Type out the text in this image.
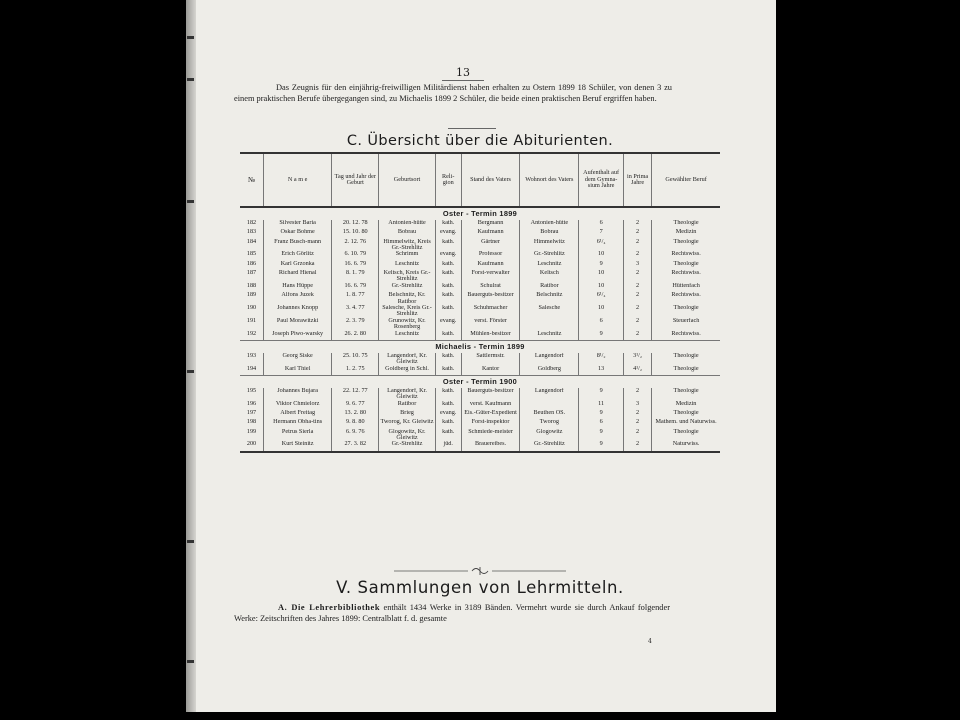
13

Das Zeugnis für den einjährig-freiwilligen Militärdienst haben erhalten zu Ostern 1899 18 Schüler, von denen 3 zu einem praktischen Berufe übergegangen sind, zu Michaelis 1899 2 Schüler, die beide einen praktischen Beruf ergriffen haben.

C. Übersicht über die Abiturienten.
№	N a m e	Tag und Jahr der Geburt	Geburtsort	Reli- gion	Stand des Vaters	Wohnort des Vaters	Aufenthalt auf dem Gymna- sium Jahre	in Prima Jahre	Gewählter Beruf
Oster - Termin 1899									
182	Silvester Baria	20. 12. 78	Antonien-hütte	kath.	Bergmann	Antonien-hütte	6	2	Theologie
183	Oskar Bohme	15. 10. 80	Bobrau	evang.	Kaufmann	Bobrau	7	2	Medizin
184	Franz Busch-mann	2. 12. 76	Himmelwitz, Kreis Gr.-Strehlitz	kath.	Gärtner	Himmelwitz	6¹/₄	2	Theologie
185	Erich Görlitz	6. 10. 79	Schrimm	evang.	Professor	Gr.-Strehlitz	10	2	Rechtswiss.
186	Karl Grzonka	16. 6. 79	Leschnitz	kath.	Kaufmann	Leschnitz	9	3	Theologie
187	Richard Hienal	8. 1. 79	Keltsch, Kreis Gr.-Strehlitz	kath.	Forst-verwalter	Keltsch	10	2	Rechtswiss.
188	Hans Hüppe	16. 6. 79	Gr.-Strehlitz	kath.	Schulrat	Ratibor	10	2	Hüttenfach
189	Alfons Juzek	1. 8. 77	Belschnitz, Kr. Ratibor	kath.	Bauerguts-besitzer	Belschnitz	6¹/₄	2	Rechtswiss.
190	Johannes Knopp	3. 4. 77	Salesche, Kreis Gr.-Strehlitz	kath.	Schuhmacher	Salesche	10	2	Theologie
191	Paul Morawitzki	2. 3. 79	Grunowitz, Kr. Rosenberg	evang.	verst. Förster		6	2	Steuerfach
192	Joseph Piwo-warsky	26. 2. 80	Leschnitz	kath.	Mühlen-besitzer	Leschnitz	9	2	Rechtswiss.
Michaelis - Termin 1899									
193	Georg Siske	25. 10. 75	Langendorf, Kr. Gleiwitz	kath.	Sattlermstr.	Langendorf	8¹/₂	3¹/₂	Theologie
194	Karl Thiel	1. 2. 75	Goldberg in Schl.	kath.	Kantor	Goldberg	13	4¹/₂	Theologie
Oster - Termin 1900									
195	Johannes Bujara	22. 12. 77	Langendorf, Kr. Gleiwitz	kath.	Bauerguts-besitzer	Langendorf	9	2	Theologie
196	Viktor Chmielorz	9. 6. 77	Ratibor	kath.	verst. Kaufmann		11	3	Medizin
197	Albert Freitag	13. 2. 80	Brieg	evang.	Eis.-Güter-Expedient	Beuthen OS.	9	2	Theologie
198	Hermann Obha-tins	9. 8. 80	Tworog, Kr. Gleiwitz	kath.	Forst-inspektor	Tworog	6	2	Mathem. und Naturwiss.
199	Petrus Sierla	6. 9. 76	Glogowitz, Kr. Gleiwitz	kath.	Schmiede-meister	Glogowitz	9	2	Theologie
200	Kurt Steinitz	27. 3. 82	Gr.-Strehlitz	jüd.	Brauereibes.	Gr.-Strehlitz	9	2	Naturwiss.
V. Sammlungen von Lehrmitteln.

A. Die Lehrerbibliothek enthält 1434 Werke in 3189 Bänden. Vermehrt wurde sie durch Ankauf folgender Werke: Zeitschriften des Jahres 1899: Centralblatt f. d. gesamte

4
